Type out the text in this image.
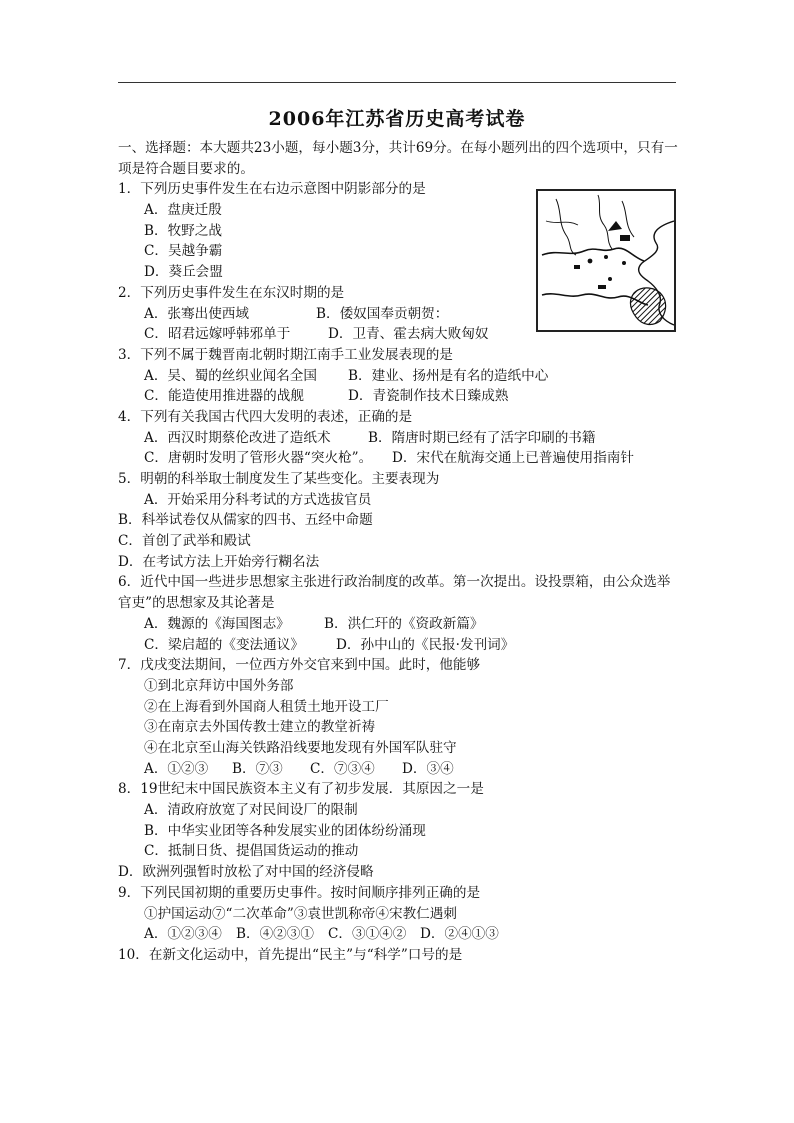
2006年江苏省历史高考试卷
一、选择题：本大题共23小题，每小题3分，共计69分。在每小题列出的四个选项中，只有一项是符合题目要求的。
1．下列历史事件发生在右边示意图中阴影部分的是
A．盘庚迁殷
B．牧野之战
C．吴越争霸
D．葵丘会盟
2．下列历史事件发生在东汉时期的是
A．张骞出使西域	B．倭奴国奉贡朝贺：
C．昭君远嫁呼韩邪单于	D．卫青、霍去病大败匈奴
3．下列不属于魏晋南北朝时期江南手工业发展表现的是
A．吴、蜀的丝织业闻名全国 B．建业、扬州是有名的造纸中心
C．能造使用推进器的战舰	D．青瓷制作技术日臻成熟
4．下列有关我国古代四大发明的表述，正确的是
A．西汉时期蔡伦改进了造纸术	B．隋唐时期已经有了活字印刷的书籍
C．唐朝时发明了管形火器“突火枪”。 D．宋代在航海交通上已普遍使用指南针
5．明朝的科举取士制度发生了某些变化。主要表现为
A．开始采用分科考试的方式选拔官员
B．科举试卷仅从儒家的四书、五经中命题
C．首创了武举和殿试
D．在考试方法上开始旁行糊名法
6．近代中国一些进步思想家主张进行政治制度的改革。第一次提出。设投票箱，由公众选举官吏”的思想家及其论著是
A．魏源的《海国图志》	B．洪仁玕的《资政新篇》
C．梁启超的《变法通议》 D．孙中山的《民报·发刊词》
7．戊戌变法期间，一位西方外交官来到中国。此时，他能够
①到北京拜访中国外务部
②在上海看到外国商人租赁土地开设工厂
③在南京去外国传教士建立的教堂祈祷
④在北京至山海关铁路沿线要地发现有外国军队驻守
A．①②③ B．⑦③ C．⑦③④ D．③④
8．19世纪末中国民族资本主义有了初步发展．其原因之一是
A．清政府放宽了对民间设厂的限制
B．中华实业团等各种发展实业的团体纷纷涌现
C．抵制日货、提倡国货运动的推动
D．欧洲列强暂时放松了对中国的经济侵略
9．下列民国初期的重要历史事件。按时间顺序排列正确的是
①护国运动⑦“二次革命”③袁世凯称帝④宋教仁遇刺
A．①②③④ B．④②③① C．③①④② D．②④①③
10．在新文化运动中，首先提出“民主”与“科学”口号的是
